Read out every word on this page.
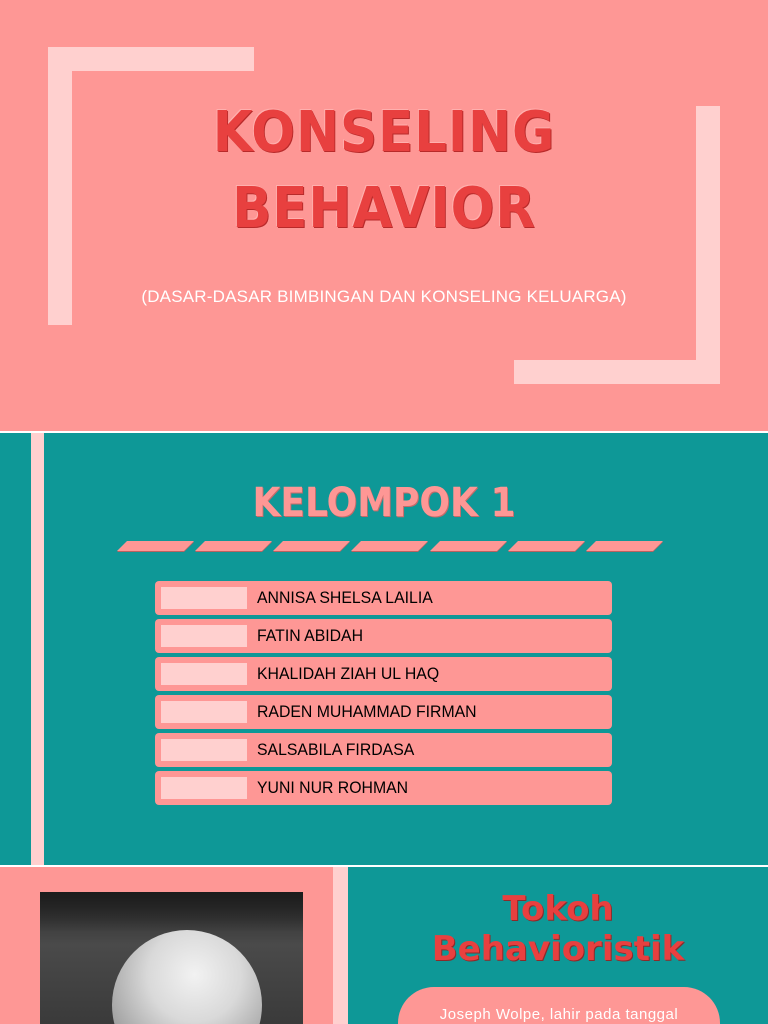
KONSELING
BEHAVIOR
(DASAR-DASAR BIMBINGAN DAN KONSELING KELUARGA)
KELOMPOK 1
ANNISA SHELSA LAILIA
FATIN ABIDAH
KHALIDAH ZIAH UL HAQ
RADEN MUHAMMAD FIRMAN
SALSABILA FIRDASA
YUNI NUR ROHMAN
Tokoh
Behavioristik
Joseph Wolpe, lahir pada tanggal
